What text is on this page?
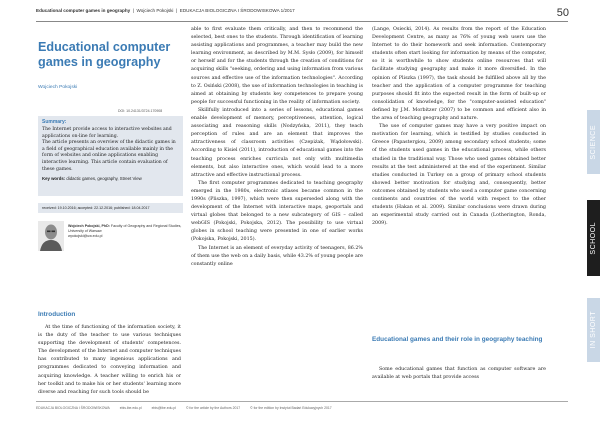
Educational computer games in geography  |  Wojciech Pokojski  |  EDUKACJA BIOLOGICZNA I ŚRODOWISKOWA 1/2017	50
Educational computer games in geography
Wojciech Pokojski
DOI: 10.24131/3724.170908
Summary:

The Internet provide access to interactive websites and applications on-line for learning.

The article presents an overview of the didactic games in a field of geographical education available mainly in the form of websites and online applications enabling interactive learning. This article contain evaluation of these games.

Key words: didactic games, geography, Street View
received: 19.10.2016; accepted: 22.12.2016; published: 18.04.2017
Wojciech Pokojski, PhD: Faculty of Geography and Regional Studies, University of Warsaw
wpokojski@uw.edu.pl
Introduction

At the time of functioning of the information society, it is the duty of the teacher to use various techniques supporting the development of students' competences. The development of the Internet and computer techniques has contributed to many ingenious applications and programmes dedicated to conveying information and acquiring knowledge. A teacher willing to enrich his or her toolkit and to make his or her students' learning more diverse and reaching for such tools should be

able to first evaluate them critically, and then to recommend the selected, best ones to the students. Through identification of learning assisting applications and programmes, a teacher may build the new learning environment, as described by M.M. Sysło (2009), for himself or herself and for the students through the creation of conditions for acquiring skills "seeking, ordering and using information from various sources and effective use of the information technologies". According to Z. Osiński (2008), the use of information technologies in teaching is aimed at obtaining by students key competences to prepare young people for successful functioning in the reality of information society.

Skillfully introduced into a series of lessons, educational games enable development of memory, perceptiveness, attention, logical associating and reasoning skills (Nodzyńska, 2011), they teach perception of rules and are an element that improves the attractiveness of classroom activities (Czepiżak, Wądołowski). According to Kisiel (2011), introduction of educational games into the teaching process enriches curricula not only with multimedia elements, but also interactive ones, which would lead to a more attractive and effective instructional process.

The first computer programmes dedicated to teaching geography emerged in the 1980s, electronic atlases became common in the 1990s (Pliszka, 1997), which were then superseded along with the development of the Internet with interactive maps, geoportals and virtual globes that belonged to a new subcategory of GIS – called webGIS (Pokojski, Pokojska, 2012). The possibility to use virtual globes in school teaching were presented in one of earlier works (Pokojska, Pokojski, 2015).

The Internet is an element of everyday activity of teenagers, 86.2% of them use the web on a daily basis, while 43.2% of young people are constantly online

(Lange, Osiecki, 2014). As results from the report of the Education Development Centre, as many as 76% of young web users use the Internet to do their homework and seek information. Contemporary students often start looking for information by means of the computer, so it is worthwhile to show students online resources that will facilitate studying geography and make it more diversified. In the opinion of Pliszka (1997), the task should be fulfilled above all by the teacher and the application of a computer programme for teaching purposes should fit into the expected result in the form of built-up or consolidation of knowledge, for the "computer-assisted education" defined by J.M. Morbitzer (2007) to be common and efficient also in the area of teaching geography and nature.

The use of computer games may have a very positive impact on motivation for learning, which is testified by studies conducted in Greece (Papastergiou, 2009) among secondary school students; some of the students used games in the educational process, while others studied in the traditional way. Those who used games obtained better results at the test administered at the end of the experiment. Similar studies conducted in Turkey on a group of primary school students showed better motivation for studying and, consequently, better outcomes obtained by students who used a computer game concerning continents and countries of the world with respect to the other students (Hakan et al. 2009). Similar conclusions were drawn during an experimental study carried out in Canada (Lotherington, Ronda, 2009).

Educational games and their role in geography teaching

Some educational games that function as computer software are available at web portals that provide access

SCIENCE
SCHOOL
IN SHORT
EDUKACJA BIOLOGICZNA I ŚRODOWISKOWA	ebis.ibe.edu.pl	ebis@ibe.edu.pl	© for the article by the Authors 2017	© for the edition by Instytut Badań Edukacyjnych 2017
